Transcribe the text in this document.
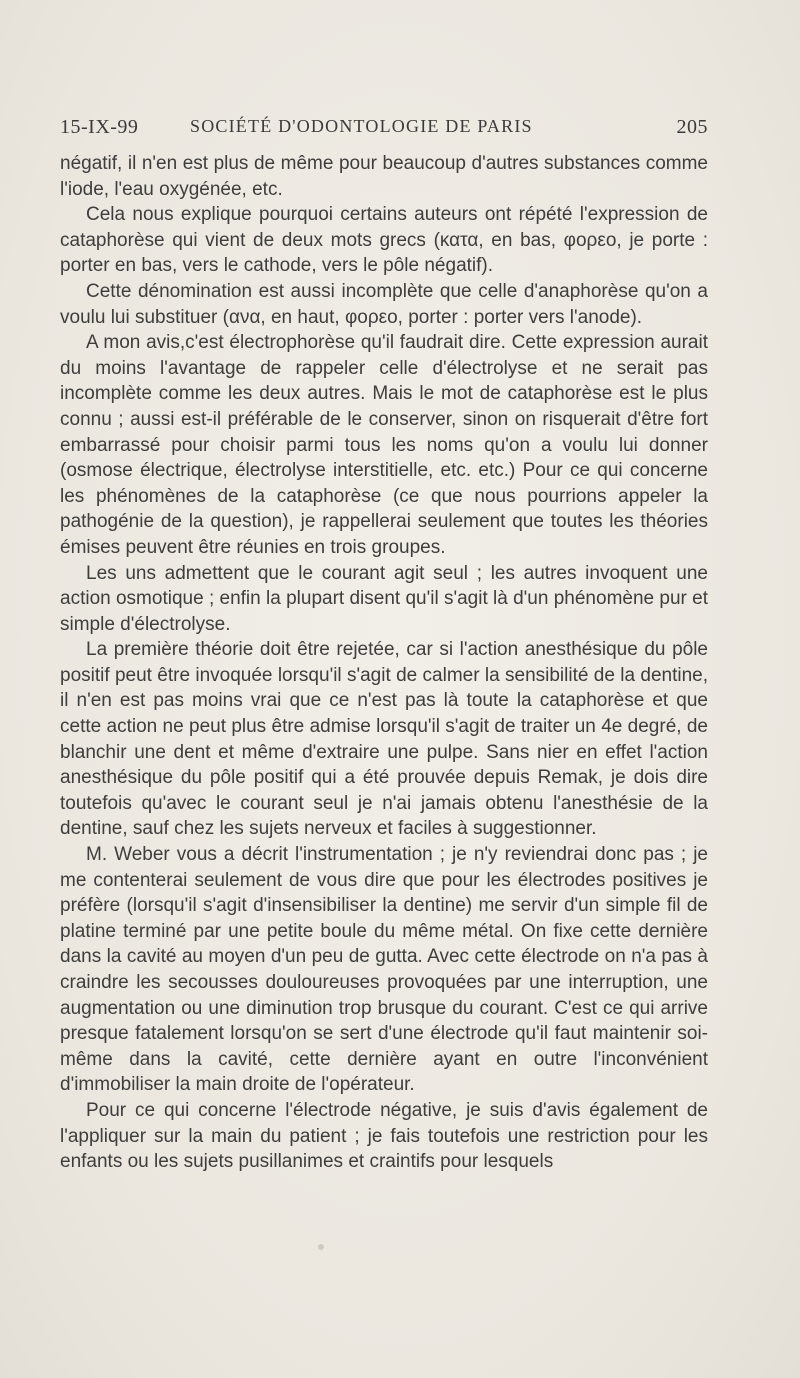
15-IX-99	SOCIÉTÉ D'ODONTOLOGIE DE PARIS	205

négatif, il n'en est plus de même pour beaucoup d'autres substances comme l'iode, l'eau oxygénée, etc.

Cela nous explique pourquoi certains auteurs ont répété l'expression de cataphorèse qui vient de deux mots grecs (κατα, en bas, φορεο, je porte : porter en bas, vers le cathode, vers le pôle négatif).

Cette dénomination est aussi incomplète que celle d'anaphorèse qu'on a voulu lui substituer (ανα, en haut, φορεο, porter : porter vers l'anode).

A mon avis,c'est électrophorèse qu'il faudrait dire. Cette expression aurait du moins l'avantage de rappeler celle d'électrolyse et ne serait pas incomplète comme les deux autres. Mais le mot de cataphorèse est le plus connu ; aussi est-il préférable de le conserver, sinon on risquerait d'être fort embarrassé pour choisir parmi tous les noms qu'on a voulu lui donner (osmose électrique, électrolyse interstitielle, etc. etc.) Pour ce qui concerne les phénomènes de la cataphorèse (ce que nous pourrions appeler la pathogénie de la question), je rappellerai seulement que toutes les théories émises peuvent être réunies en trois groupes.

Les uns admettent que le courant agit seul ; les autres invoquent une action osmotique ; enfin la plupart disent qu'il s'agit là d'un phénomène pur et simple d'électrolyse.

La première théorie doit être rejetée, car si l'action anesthésique du pôle positif peut être invoquée lorsqu'il s'agit de calmer la sensibilité de la dentine, il n'en est pas moins vrai que ce n'est pas là toute la cataphorèse et que cette action ne peut plus être admise lorsqu'il s'agit de traiter un 4e degré, de blanchir une dent et même d'extraire une pulpe. Sans nier en effet l'action anesthésique du pôle positif qui a été prouvée depuis Remak, je dois dire toutefois qu'avec le courant seul je n'ai jamais obtenu l'anesthésie de la dentine, sauf chez les sujets nerveux et faciles à suggestionner.

M. Weber vous a décrit l'instrumentation ; je n'y reviendrai donc pas ; je me contenterai seulement de vous dire que pour les électrodes positives je préfère (lorsqu'il s'agit d'insensibiliser la dentine) me servir d'un simple fil de platine terminé par une petite boule du même métal. On fixe cette dernière dans la cavité au moyen d'un peu de gutta. Avec cette électrode on n'a pas à craindre les secousses douloureuses provoquées par une interruption, une augmentation ou une diminution trop brusque du courant. C'est ce qui arrive presque fatalement lorsqu'on se sert d'une électrode qu'il faut maintenir soi-même dans la cavité, cette dernière ayant en outre l'inconvénient d'immobiliser la main droite de l'opérateur.

Pour ce qui concerne l'électrode négative, je suis d'avis également de l'appliquer sur la main du patient ; je fais toutefois une restriction pour les enfants ou les sujets pusillanimes et craintifs pour lesquels
